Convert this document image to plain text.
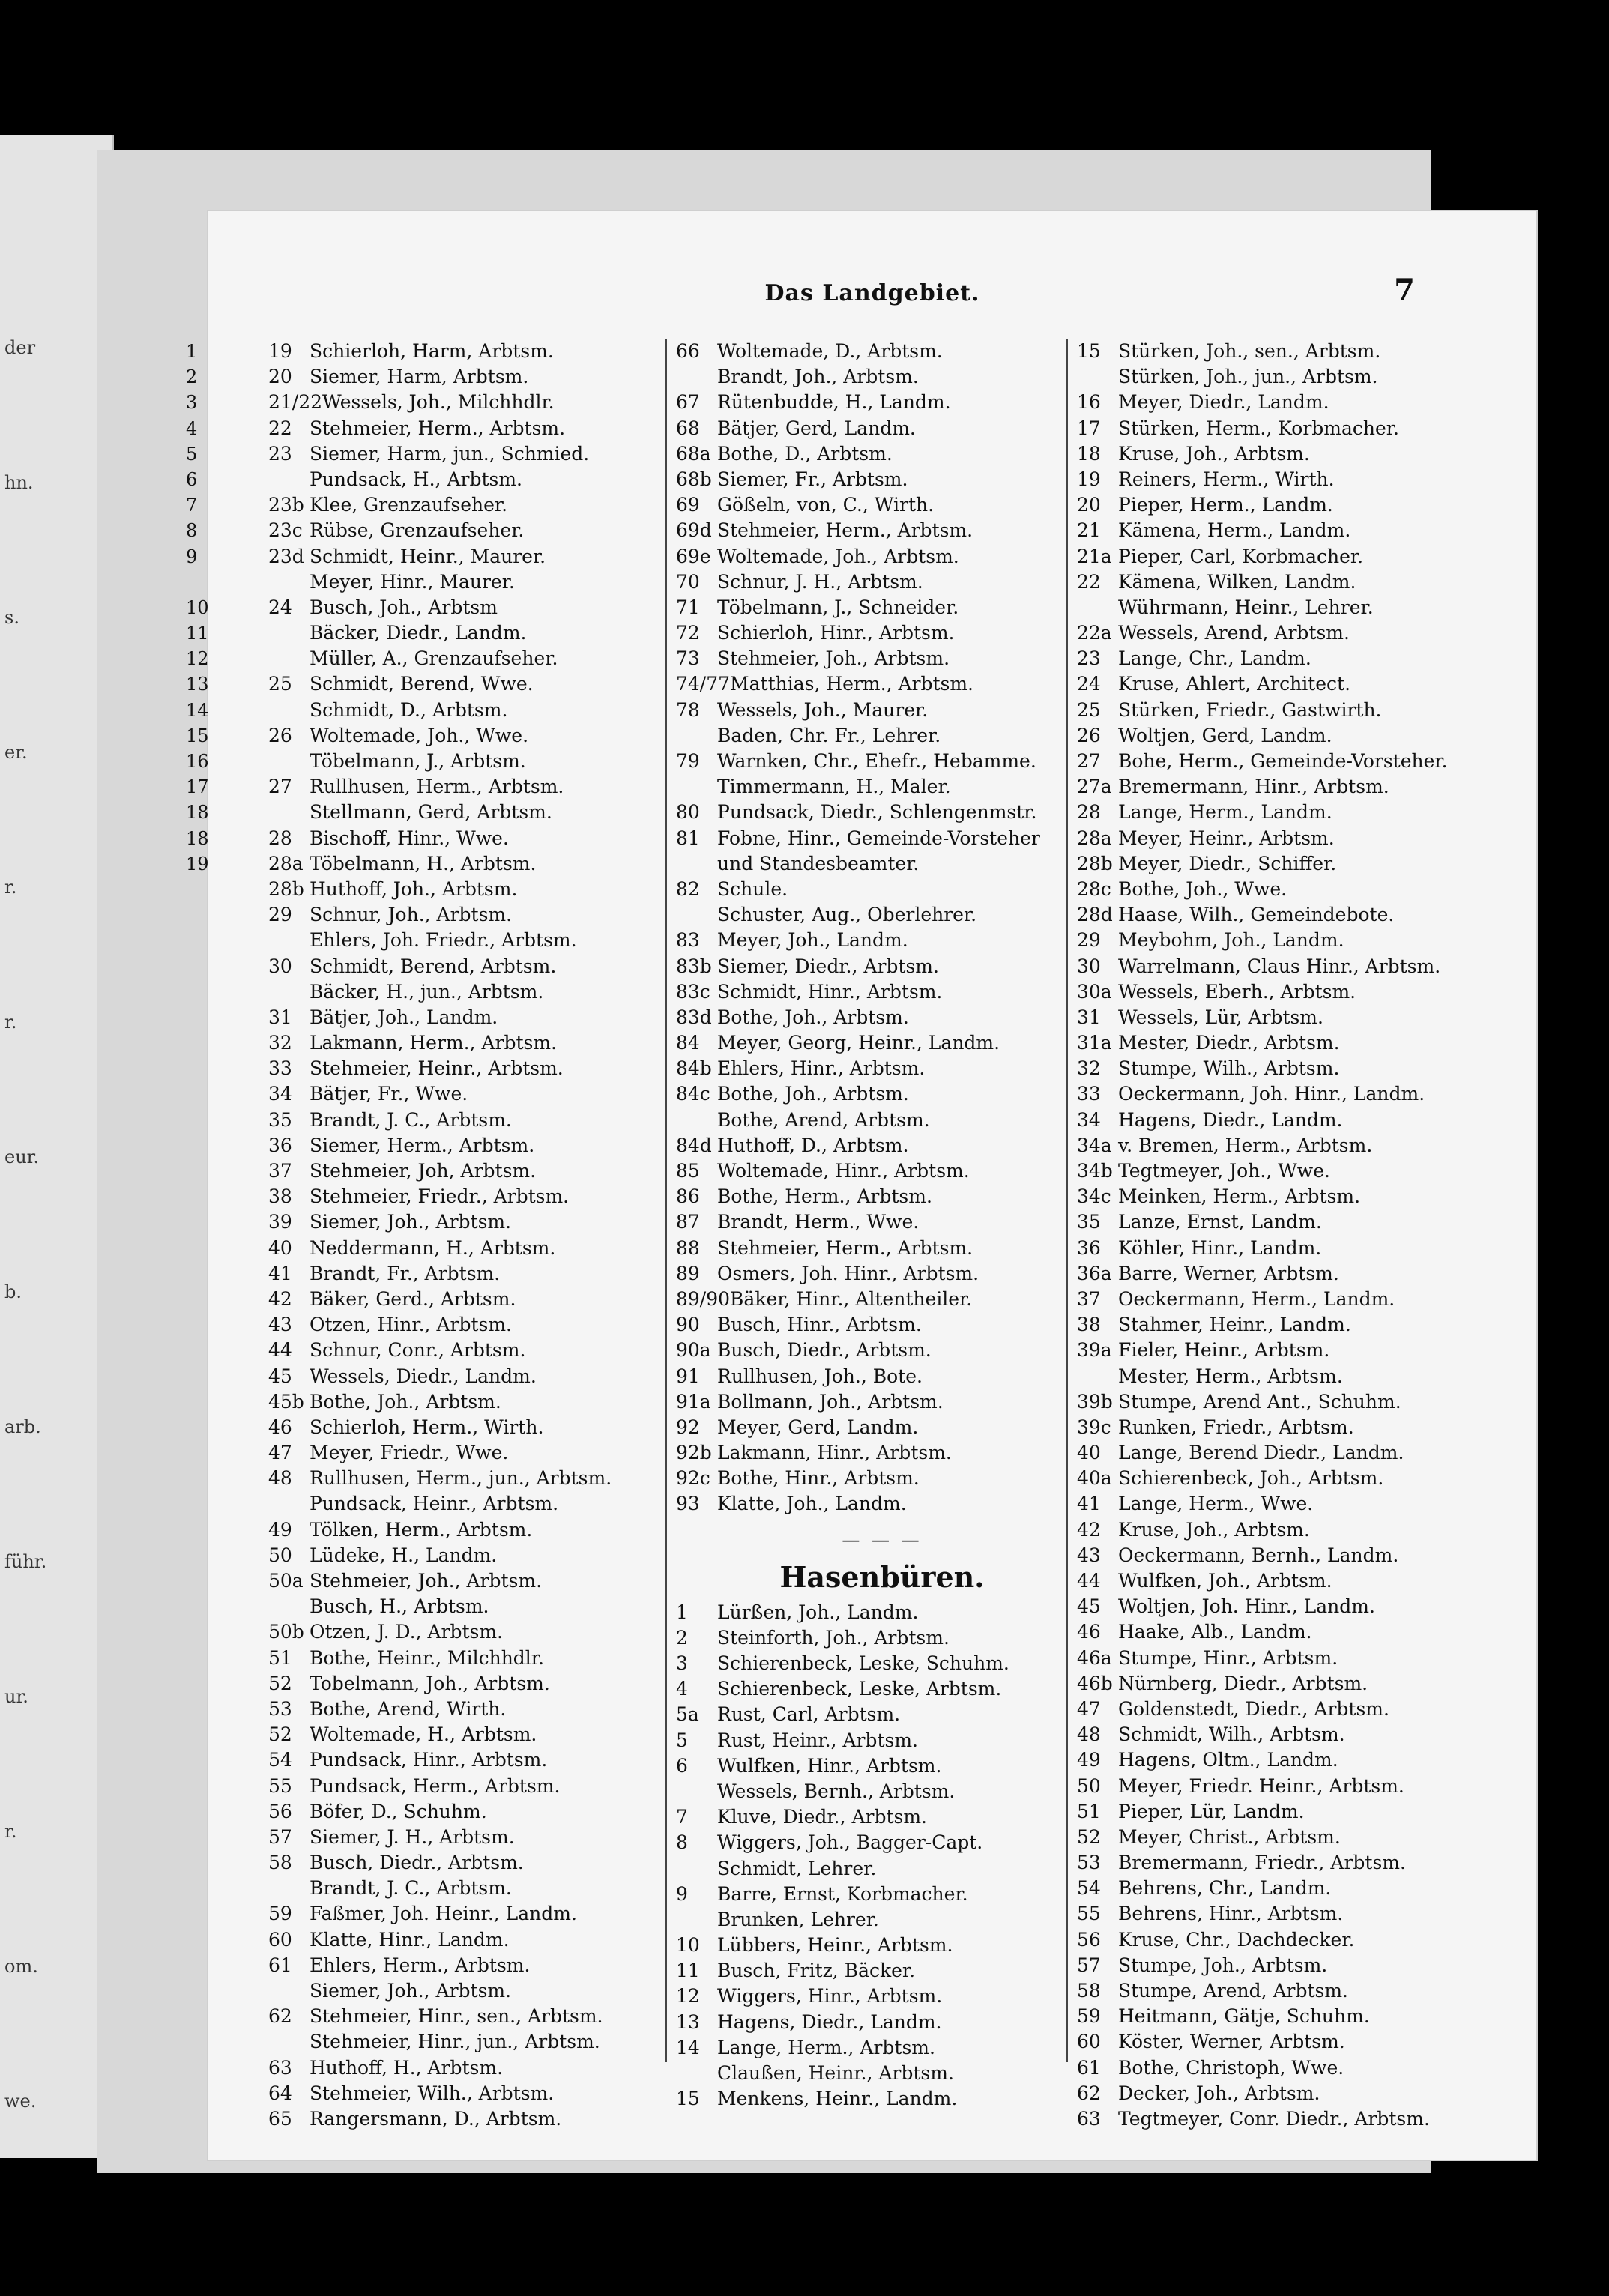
der
hn.
s.
er.
r.
r.
eur.
b.
arb.
führ.
ur.
r.
om.
we.
Das Landgebiet.	7
19 Schierloh, Harm, Arbtsm.
20 Siemer, Harm, Arbtsm.
21/22Wessels, Joh., Milchhdlr.
22 Stehmeier, Herm., Arbtsm.
23 Siemer, Harm, jun., Schmied.
Pundsack, H., Arbtsm.
23b Klee, Grenzaufseher.
23c Rübse, Grenzaufseher.
23d Schmidt, Heinr., Maurer.
Meyer, Hinr., Maurer.
24 Busch, Joh., Arbtsm
Bäcker, Diedr., Landm.
Müller, A., Grenzaufseher.
25 Schmidt, Berend, Wwe.
Schmidt, D., Arbtsm.
26 Woltemade, Joh., Wwe.
Töbelmann, J., Arbtsm.
27 Rullhusen, Herm., Arbtsm.
Stellmann, Gerd, Arbtsm.
28 Bischoff, Hinr., Wwe.
28a Töbelmann, H., Arbtsm.
28b Huthoff, Joh., Arbtsm.
29 Schnur, Joh., Arbtsm.
Ehlers, Joh. Friedr., Arbtsm.
30 Schmidt, Berend, Arbtsm.
Bäcker, H., jun., Arbtsm.
31 Bätjer, Joh., Landm.
32 Lakmann, Herm., Arbtsm.
33 Stehmeier, Heinr., Arbtsm.
34 Bätjer, Fr., Wwe.
35 Brandt, J. C., Arbtsm.
36 Siemer, Herm., Arbtsm.
37 Stehmeier, Joh, Arbtsm.
38 Stehmeier, Friedr., Arbtsm.
39 Siemer, Joh., Arbtsm.
40 Neddermann, H., Arbtsm.
41 Brandt, Fr., Arbtsm.
42 Bäker, Gerd., Arbtsm.
43 Otzen, Hinr., Arbtsm.
44 Schnur, Conr., Arbtsm.
45 Wessels, Diedr., Landm.
45b Bothe, Joh., Arbtsm.
46 Schierloh, Herm., Wirth.
47 Meyer, Friedr., Wwe.
48 Rullhusen, Herm., jun., Arbtsm.
Pundsack, Heinr., Arbtsm.
49 Tölken, Herm., Arbtsm.
50 Lüdeke, H., Landm.
50a Stehmeier, Joh., Arbtsm.
Busch, H., Arbtsm.
50b Otzen, J. D., Arbtsm.
51 Bothe, Heinr., Milchhdlr.
52 Tobelmann, Joh., Arbtsm.
53 Bothe, Arend, Wirth.
52 Woltemade, H., Arbtsm.
54 Pundsack, Hinr., Arbtsm.
55 Pundsack, Herm., Arbtsm.
56 Böfer, D., Schuhm.
57 Siemer, J. H., Arbtsm.
58 Busch, Diedr., Arbtsm.
Brandt, J. C., Arbtsm.
59 Faßmer, Joh. Heinr., Landm.
60 Klatte, Hinr., Landm.
61 Ehlers, Herm., Arbtsm.
Siemer, Joh., Arbtsm.
62 Stehmeier, Hinr., sen., Arbtsm.
Stehmeier, Hinr., jun., Arbtsm.
63 Huthoff, H., Arbtsm.
64 Stehmeier, Wilh., Arbtsm.
65 Rangersmann, D., Arbtsm.
66 Woltemade, D., Arbtsm.
Brandt, Joh., Arbtsm.
67 Rütenbudde, H., Landm.
68 Bätjer, Gerd, Landm.
68a Bothe, D., Arbtsm.
68b Siemer, Fr., Arbtsm.
69 Gößeln, von, C., Wirth.
69d Stehmeier, Herm., Arbtsm.
69e Woltemade, Joh., Arbtsm.
70 Schnur, J. H., Arbtsm.
71 Töbelmann, J., Schneider.
72 Schierloh, Hinr., Arbtsm.
73 Stehmeier, Joh., Arbtsm.
74/77Matthias, Herm., Arbtsm.
78 Wessels, Joh., Maurer.
Baden, Chr. Fr., Lehrer.
79 Warnken, Chr., Ehefr., Hebamme.
Timmermann, H., Maler.
80 Pundsack, Diedr., Schlengenmstr.
81 Fobne, Hinr., Gemeinde-Vorsteher
und Standesbeamter.
82 Schule.
Schuster, Aug., Oberlehrer.
83 Meyer, Joh., Landm.
83b Siemer, Diedr., Arbtsm.
83c Schmidt, Hinr., Arbtsm.
83d Bothe, Joh., Arbtsm.
84 Meyer, Georg, Heinr., Landm.
84b Ehlers, Hinr., Arbtsm.
84c Bothe, Joh., Arbtsm.
Bothe, Arend, Arbtsm.
84d Huthoff, D., Arbtsm.
85 Woltemade, Hinr., Arbtsm.
86 Bothe, Herm., Arbtsm.
87 Brandt, Herm., Wwe.
88 Stehmeier, Herm., Arbtsm.
89 Osmers, Joh. Hinr., Arbtsm.
89/90Bäker, Hinr., Altentheiler.
90 Busch, Hinr., Arbtsm.
90a Busch, Diedr., Arbtsm.
91 Rullhusen, Joh., Bote.
91a Bollmann, Joh., Arbtsm.
92 Meyer, Gerd, Landm.
92b Lakmann, Hinr., Arbtsm.
92c Bothe, Hinr., Arbtsm.
93 Klatte, Joh., Landm.
— — —
Hasenbüren.
1 Lürßen, Joh., Landm.
2 Steinforth, Joh., Arbtsm.
3 Schierenbeck, Leske, Schuhm.
4 Schierenbeck, Leske, Arbtsm.
5a Rust, Carl, Arbtsm.
5 Rust, Heinr., Arbtsm.
6 Wulfken, Hinr., Arbtsm.
Wessels, Bernh., Arbtsm.
7 Kluve, Diedr., Arbtsm.
8 Wiggers, Joh., Bagger-Capt.
Schmidt, Lehrer.
9 Barre, Ernst, Korbmacher.
Brunken, Lehrer.
10 Lübbers, Heinr., Arbtsm.
11 Busch, Fritz, Bäcker.
12 Wiggers, Hinr., Arbtsm.
13 Hagens, Diedr., Landm.
14 Lange, Herm., Arbtsm.
Claußen, Heinr., Arbtsm.
15 Menkens, Heinr., Landm.
15 Stürken, Joh., sen., Arbtsm.
Stürken, Joh., jun., Arbtsm.
16 Meyer, Diedr., Landm.
17 Stürken, Herm., Korbmacher.
18 Kruse, Joh., Arbtsm.
19 Reiners, Herm., Wirth.
20 Pieper, Herm., Landm.
21 Kämena, Herm., Landm.
21a Pieper, Carl, Korbmacher.
22 Kämena, Wilken, Landm.
Wührmann, Heinr., Lehrer.
22a Wessels, Arend, Arbtsm.
23 Lange, Chr., Landm.
24 Kruse, Ahlert, Architect.
25 Stürken, Friedr., Gastwirth.
26 Woltjen, Gerd, Landm.
27 Bohe, Herm., Gemeinde-Vorsteher.
27a Bremermann, Hinr., Arbtsm.
28 Lange, Herm., Landm.
28a Meyer, Heinr., Arbtsm.
28b Meyer, Diedr., Schiffer.
28c Bothe, Joh., Wwe.
28d Haase, Wilh., Gemeindebote.
29 Meybohm, Joh., Landm.
30 Warrelmann, Claus Hinr., Arbtsm.
30a Wessels, Eberh., Arbtsm.
31 Wessels, Lür, Arbtsm.
31a Mester, Diedr., Arbtsm.
32 Stumpe, Wilh., Arbtsm.
33 Oeckermann, Joh. Hinr., Landm.
34 Hagens, Diedr., Landm.
34a v. Bremen, Herm., Arbtsm.
34b Tegtmeyer, Joh., Wwe.
34c Meinken, Herm., Arbtsm.
35 Lanze, Ernst, Landm.
36 Köhler, Hinr., Landm.
36a Barre, Werner, Arbtsm.
37 Oeckermann, Herm., Landm.
38 Stahmer, Heinr., Landm.
39a Fieler, Heinr., Arbtsm.
Mester, Herm., Arbtsm.
39b Stumpe, Arend Ant., Schuhm.
39c Runken, Friedr., Arbtsm.
40 Lange, Berend Diedr., Landm.
40a Schierenbeck, Joh., Arbtsm.
41 Lange, Herm., Wwe.
42 Kruse, Joh., Arbtsm.
43 Oeckermann, Bernh., Landm.
44 Wulfken, Joh., Arbtsm.
45 Woltjen, Joh. Hinr., Landm.
46 Haake, Alb., Landm.
46a Stumpe, Hinr., Arbtsm.
46b Nürnberg, Diedr., Arbtsm.
47 Goldenstedt, Diedr., Arbtsm.
48 Schmidt, Wilh., Arbtsm.
49 Hagens, Oltm., Landm.
50 Meyer, Friedr. Heinr., Arbtsm.
51 Pieper, Lür, Landm.
52 Meyer, Christ., Arbtsm.
53 Bremermann, Friedr., Arbtsm.
54 Behrens, Chr., Landm.
55 Behrens, Hinr., Arbtsm.
56 Kruse, Chr., Dachdecker.
57 Stumpe, Joh., Arbtsm.
58 Stumpe, Arend, Arbtsm.
59 Heitmann, Gätje, Schuhm.
60 Köster, Werner, Arbtsm.
61 Bothe, Christoph, Wwe.
62 Decker, Joh., Arbtsm.
63 Tegtmeyer, Conr. Diedr., Arbtsm.
1
2
3
4
5
6
7
8
9
10
11
12
13
14
15
16
17
18
18
19
